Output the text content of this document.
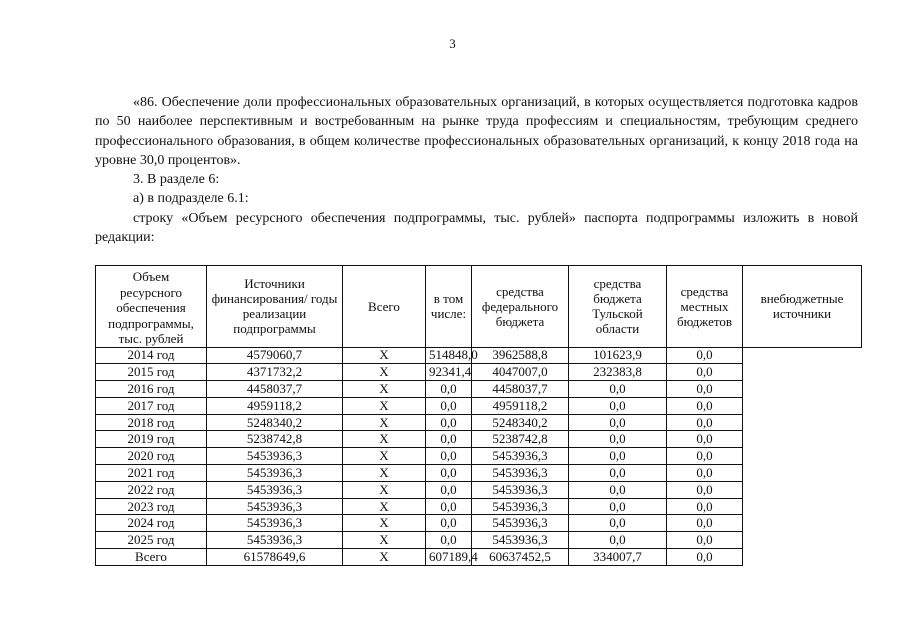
3

«86. Обеспечение доли профессиональных образовательных организаций, в которых осуществляется подготовка кадров по 50 наиболее перспективным и востребованным на рынке труда профессиям и специальностям, требующим среднего профессионального образования, в общем количестве профессиональных образовательных организаций, к концу 2018 года на уровне 30,0 процентов».

3. В разделе 6:

а) в подразделе 6.1:

строку «Объем ресурсного обеспечения подпрограммы, тыс. рублей» паспорта подпрограммы изложить в новой редакции:

Объем
ресурсного
обеспечения
подпрограммы,
тыс. рублей	Источники финансирования/ годы реализации подпрограммы	Всего	в том числе:	средства федерального бюджета	средства бюджета Тульской области	средства местных бюджетов	внебюджетные источники
2014 год	4579060,7	Х	514848,0	3962588,8	101623,9	0,0	
2015 год	4371732,2	Х	92341,4	4047007,0	232383,8	0,0	
2016 год	4458037,7	Х	0,0	4458037,7	0,0	0,0	
2017 год	4959118,2	Х	0,0	4959118,2	0,0	0,0	
2018 год	5248340,2	Х	0,0	5248340,2	0,0	0,0	
2019 год	5238742,8	Х	0,0	5238742,8	0,0	0,0	
2020 год	5453936,3	Х	0,0	5453936,3	0,0	0,0	
2021 год	5453936,3	Х	0,0	5453936,3	0,0	0,0	
2022 год	5453936,3	Х	0,0	5453936,3	0,0	0,0	
2023 год	5453936,3	Х	0,0	5453936,3	0,0	0,0	
2024 год	5453936,3	Х	0,0	5453936,3	0,0	0,0	
2025 год	5453936,3	Х	0,0	5453936,3	0,0	0,0	
Всего	61578649,6	Х	607189,4	60637452,5	334007,7	0,0	
